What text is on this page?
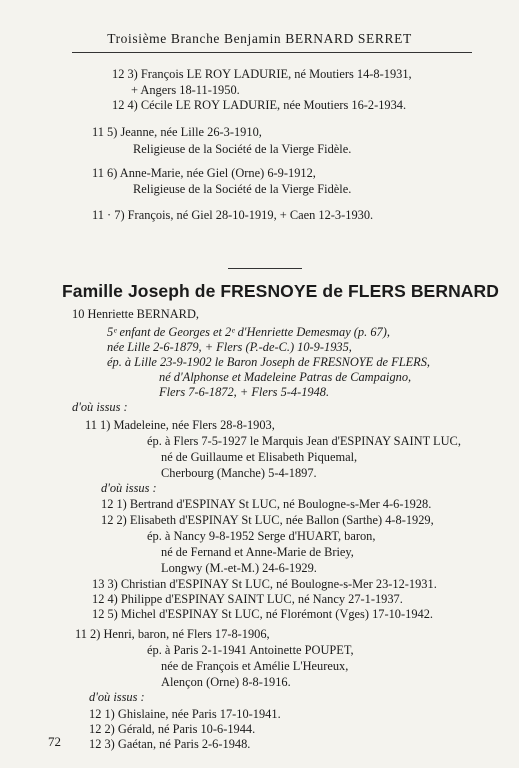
Troisième Branche Benjamin BERNARD SERRET
12 3) François LE ROY LADURIE, né Moutiers 14-8-1931,
+ Angers 18-11-1950.
12 4) Cécile LE ROY LADURIE, née Moutiers 16-2-1934.
11 5) Jeanne, née Lille 26-3-1910,
Religieuse de la Société de la Vierge Fidèle.
11 6) Anne-Marie, née Giel (Orne) 6-9-1912,
Religieuse de la Société de la Vierge Fidèle.
11 · 7) François, né Giel 28-10-1919, + Caen 12-3-1930.
Famille Joseph de FRESNOYE de FLERS BERNARD
10 Henriette BERNARD,
5ᵉ enfant de Georges et 2ᵉ d'Henriette Demesmay (p. 67),
née Lille 2-6-1879, + Flers (P.-de-C.) 10-9-1935,
ép. à Lille 23-9-1902 le Baron Joseph de FRESNOYE de FLERS,
né d'Alphonse et Madeleine Patras de Campaigno,
Flers 7-6-1872, + Flers 5-4-1948.
d'où issus :
11 1) Madeleine, née Flers 28-8-1903,
ép. à Flers 7-5-1927 le Marquis Jean d'ESPINAY SAINT LUC,
né de Guillaume et Elisabeth Piquemal,
Cherbourg (Manche) 5-4-1897.
d'où issus :
12 1) Bertrand d'ESPINAY St LUC, né Boulogne-s-Mer 4-6-1928.
12 2) Elisabeth d'ESPINAY St LUC, née Ballon (Sarthe) 4-8-1929,
ép. à Nancy 9-8-1952 Serge d'HUART, baron,
né de Fernand et Anne-Marie de Briey,
Longwy (M.-et-M.) 24-6-1929.
13 3) Christian d'ESPINAY St LUC, né Boulogne-s-Mer 23-12-1931.
12 4) Philippe d'ESPINAY SAINT LUC, né Nancy 27-1-1937.
12 5) Michel d'ESPINAY St LUC, né Florémont (Vges) 17-10-1942.
11 2) Henri, baron, né Flers 17-8-1906,
ép. à Paris 2-1-1941 Antoinette POUPET,
née de François et Amélie L'Heureux,
Alençon (Orne) 8-8-1916.
d'où issus :
12 1) Ghislaine, née Paris 17-10-1941.
12 2) Gérald, né Paris 10-6-1944.
12 3) Gaétan, né Paris 2-6-1948.
72
